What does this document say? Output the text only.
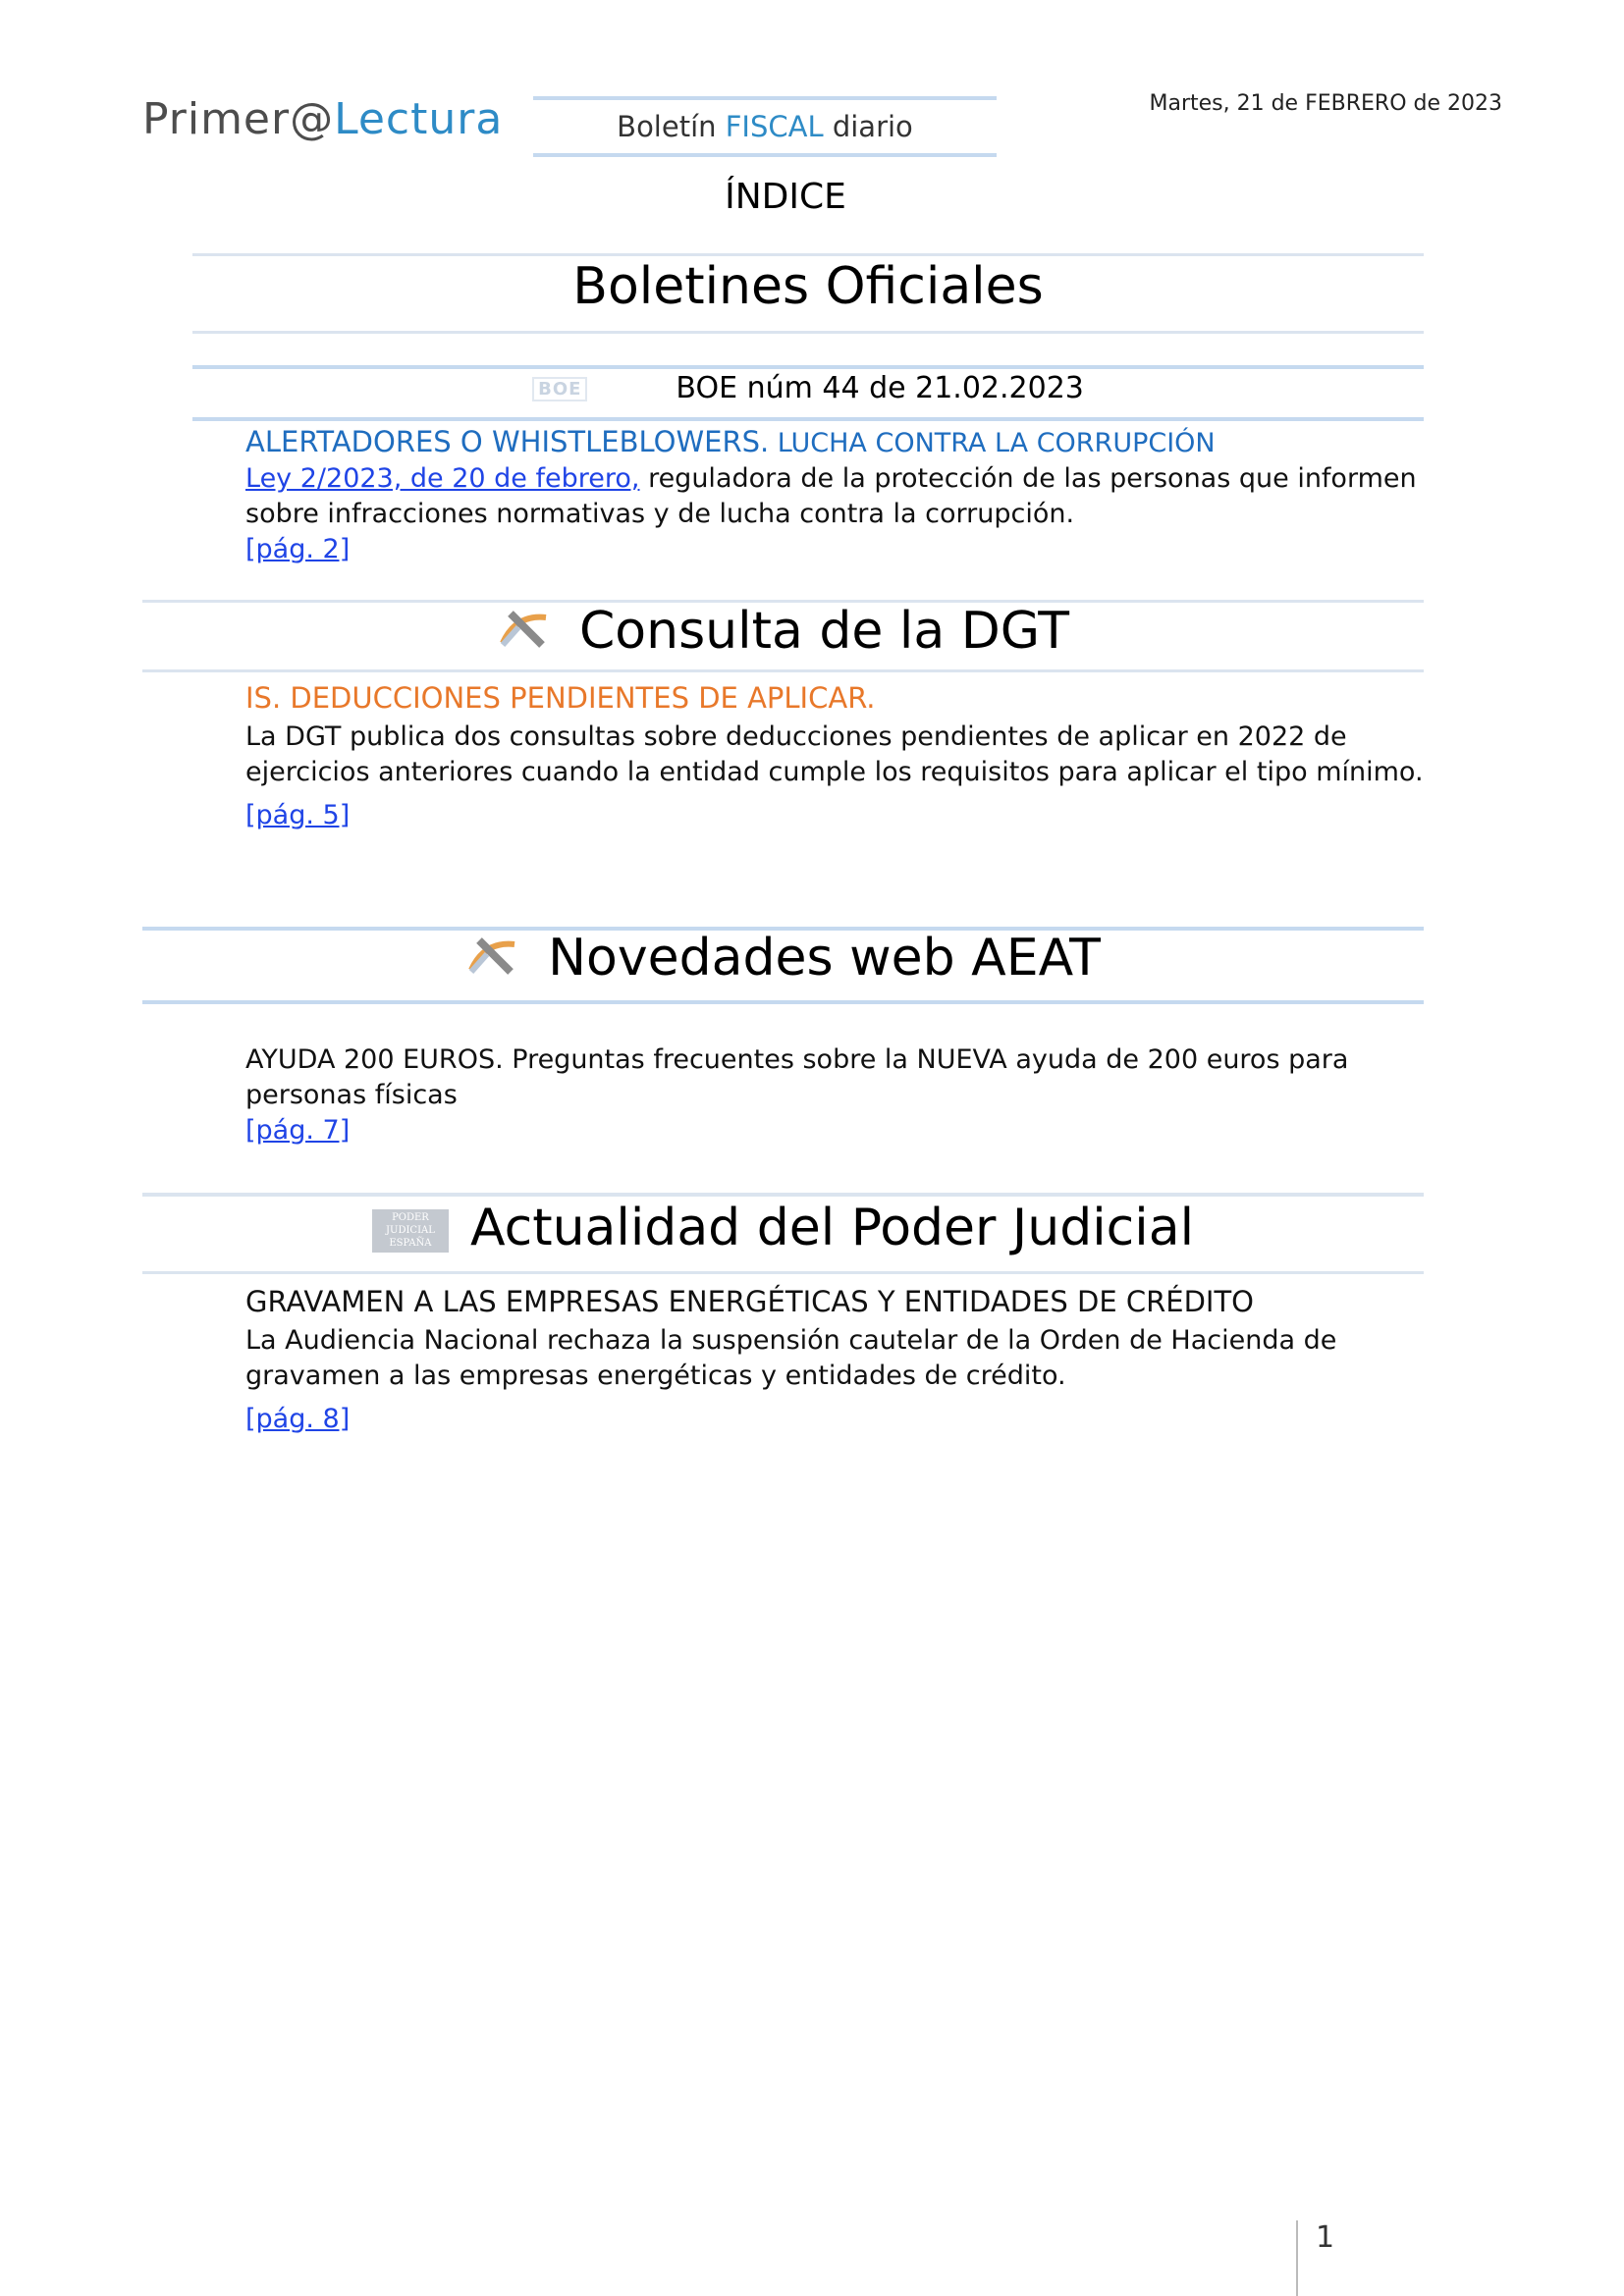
Primer@Lectura	Boletín FISCAL diario
Martes, 21 de FEBRERO de 2023
ÍNDICE
Boletines Oficiales
BOE	BOE núm 44 de 21.02.2023
ALERTADORES O WHISTLEBLOWERS. LUCHA CONTRA LA CORRUPCIÓN
Ley 2/2023, de 20 de febrero, reguladora de la protección de las personas que informen sobre infracciones normativas y de lucha contra la corrupción.
[pág. 2]
Consulta de la DGT
IS. DEDUCCIONES PENDIENTES DE APLICAR.
La DGT publica dos consultas sobre deducciones pendientes de aplicar en 2022 de ejercicios anteriores cuando la entidad cumple los requisitos para aplicar el tipo mínimo.
[pág. 5]
Novedades web AEAT
AYUDA 200 EUROS. Preguntas frecuentes sobre la NUEVA ayuda de 200 euros para personas físicas
[pág. 7]
PODER
JUDICIAL
ESPAÑA Actualidad del Poder Judicial
GRAVAMEN A LAS EMPRESAS ENERGÉTICAS Y ENTIDADES DE CRÉDITO
La Audiencia Nacional rechaza la suspensión cautelar de la Orden de Hacienda de gravamen a las empresas energéticas y entidades de crédito.
[pág. 8]
1
